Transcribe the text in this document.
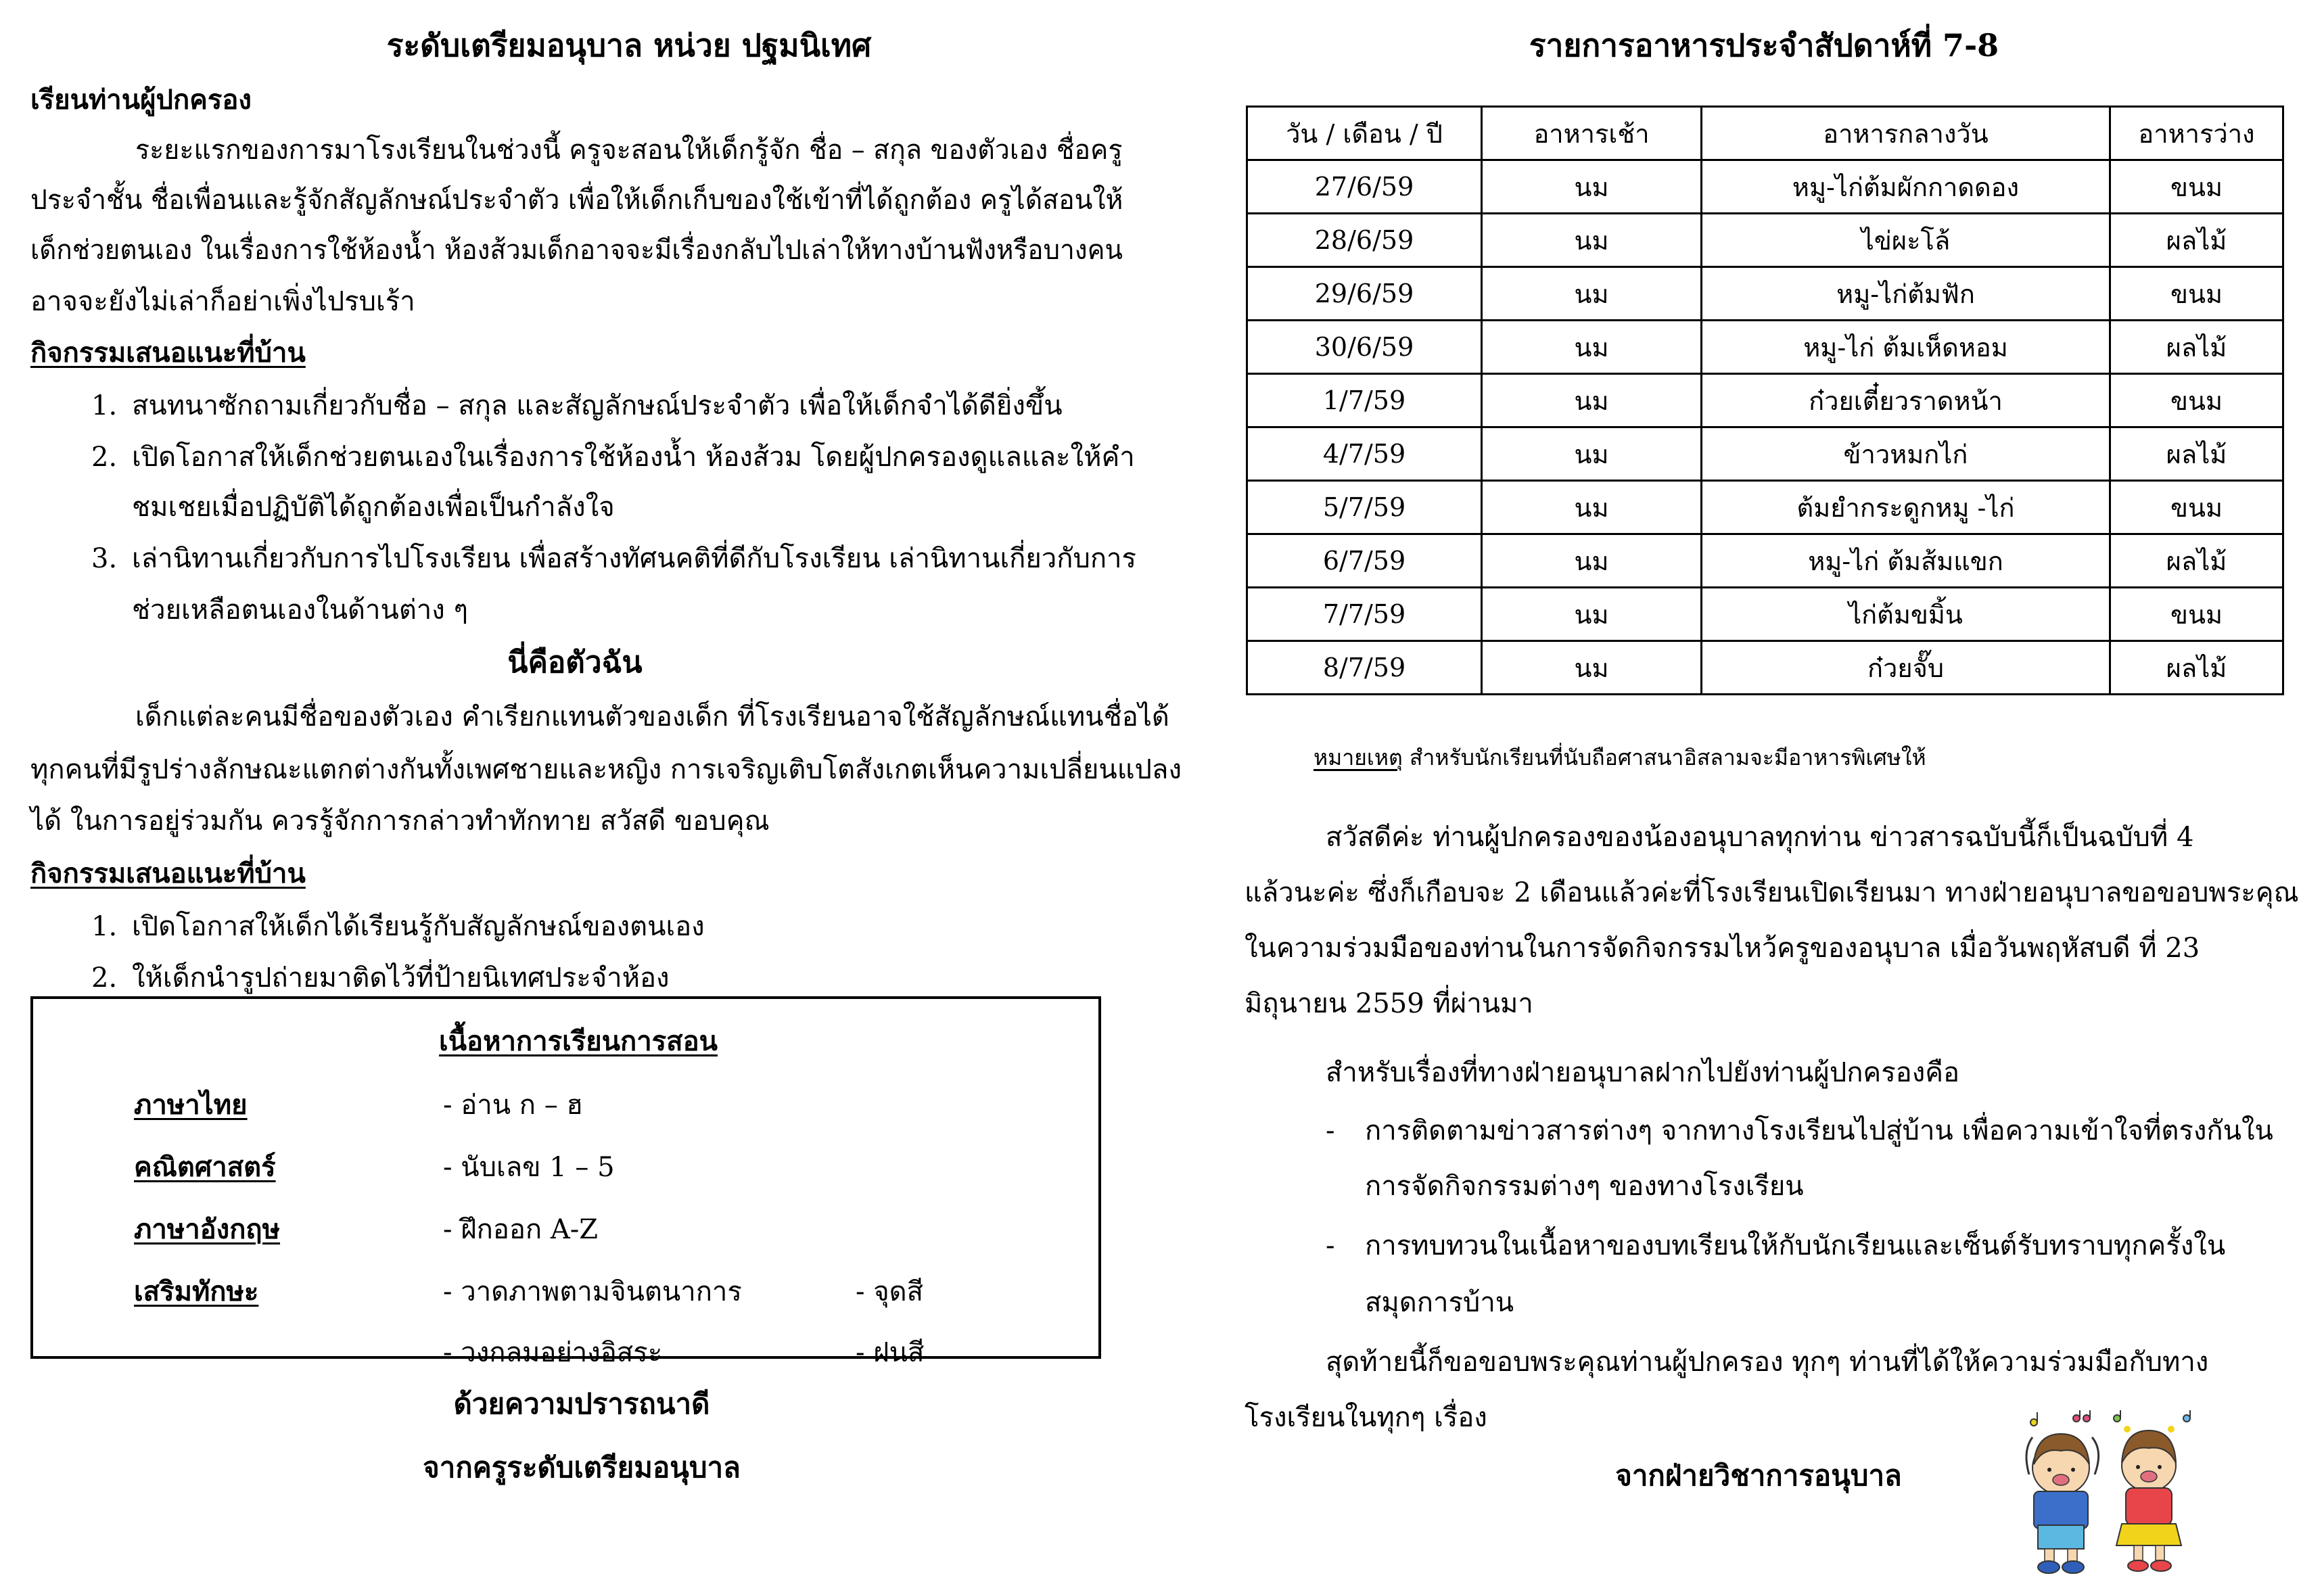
ระดับเตรียมอนุบาล หน่วย ปฐมนิเทศ
เรียนท่านผู้ปกครอง
ระยะแรกของการมาโรงเรียนในช่วงนี้ ครูจะสอนให้เด็กรู้จัก ชื่อ – สกุล ของตัวเอง ชื่อครู
ประจำชั้น ชื่อเพื่อนและรู้จักสัญลักษณ์ประจำตัว เพื่อให้เด็กเก็บของใช้เข้าที่ได้ถูกต้อง ครูได้สอนให้
เด็กช่วยตนเอง ในเรื่องการใช้ห้องน้ำ ห้องส้วมเด็กอาจจะมีเรื่องกลับไปเล่าให้ทางบ้านฟังหรือบางคน
อาจจะยังไม่เล่าก็อย่าเพิ่งไปรบเร้า
กิจกรรมเสนอแนะที่บ้าน
1. สนทนาซักถามเกี่ยวกับชื่อ – สกุล และสัญลักษณ์ประจำตัว เพื่อให้เด็กจำได้ดียิ่งขึ้น
2. เปิดโอกาสให้เด็กช่วยตนเองในเรื่องการใช้ห้องน้ำ ห้องส้วม โดยผู้ปกครองดูแลและให้คำ
ชมเชยเมื่อปฏิบัติได้ถูกต้องเพื่อเป็นกำลังใจ
3. เล่านิทานเกี่ยวกับการไปโรงเรียน เพื่อสร้างทัศนคติที่ดีกับโรงเรียน เล่านิทานเกี่ยวกับการ
ช่วยเหลือตนเองในด้านต่าง ๆ
นี่คือตัวฉัน
เด็กแต่ละคนมีชื่อของตัวเอง คำเรียกแทนตัวของเด็ก ที่โรงเรียนอาจใช้สัญลักษณ์แทนชื่อได้
ทุกคนที่มีรูปร่างลักษณะแตกต่างกันทั้งเพศชายและหญิง การเจริญเติบโตสังเกตเห็นความเปลี่ยนแปลง
ได้ ในการอยู่ร่วมกัน ควรรู้จักการกล่าวทำทักทาย สวัสดี ขอบคุณ
กิจกรรมเสนอแนะที่บ้าน
1. เปิดโอกาสให้เด็กได้เรียนรู้กับสัญลักษณ์ของตนเอง
2. ให้เด็กนำรูปถ่ายมาติดไว้ที่ป้ายนิเทศประจำห้อง
เนื้อหาการเรียนการสอน
ภาษาไทย	- อ่าน ก – ฮ
คณิตศาสตร์	- นับเลข 1 – 5
ภาษาอังกฤษ	- ฝึกออก A-Z
เสริมทักษะ	- วาดภาพตามจินตนาการ	- จุดสี
- วงกลมอย่างอิสระ	- ฝนสี
ด้วยความปรารถนาดี
จากครูระดับเตรียมอนุบาล
รายการอาหารประจำสัปดาห์ที่ 7-8
วัน / เดือน / ปี	อาหารเช้า	อาหารกลางวัน	อาหารว่าง
27/6/59	นม	หมู-ไก่ต้มผักกาดดอง	ขนม
28/6/59	นม	ไข่ผะโล้	ผลไม้
29/6/59	นม	หมู-ไก่ต้มฟัก	ขนม
30/6/59	นม	หมู-ไก่ ต้มเห็ดหอม	ผลไม้
1/7/59	นม	ก๋วยเตี๋ยวราดหน้า	ขนม
4/7/59	นม	ข้าวหมกไก่	ผลไม้
5/7/59	นม	ต้มยำกระดูกหมู -ไก่	ขนม
6/7/59	นม	หมู-ไก่ ต้มส้มแขก	ผลไม้
7/7/59	นม	ไก่ต้มขมิ้น	ขนม
8/7/59	นม	ก๋วยจั๊บ	ผลไม้
หมายเหตุ สำหรับนักเรียนที่นับถือศาสนาอิสลามจะมีอาหารพิเศษให้
สวัสดีค่ะ ท่านผู้ปกครองของน้องอนุบาลทุกท่าน ข่าวสารฉบับนี้ก็เป็นฉบับที่ 4
แล้วนะค่ะ ซึ่งก็เกือบจะ 2 เดือนแล้วค่ะที่โรงเรียนเปิดเรียนมา ทางฝ่ายอนุบาลขอขอบพระคุณ
ในความร่วมมือของท่านในการจัดกิจกรรมไหว้ครูของอนุบาล เมื่อวันพฤหัสบดี ที่ 23
มิถุนายน 2559 ที่ผ่านมา
สำหรับเรื่องที่ทางฝ่ายอนุบาลฝากไปยังท่านผู้ปกครองคือ
- การติดตามข่าวสารต่างๆ จากทางโรงเรียนไปสู่บ้าน เพื่อความเข้าใจที่ตรงกันใน
การจัดกิจกรรมต่างๆ ของทางโรงเรียน
- การทบทวนในเนื้อหาของบทเรียนให้กับนักเรียนและเซ็นต์รับทราบทุกครั้งใน
สมุดการบ้าน
สุดท้ายนี้ก็ขอขอบพระคุณท่านผู้ปกครอง ทุกๆ ท่านที่ได้ให้ความร่วมมือกับทาง
โรงเรียนในทุกๆ เรื่อง
จากฝ่ายวิชาการอนุบาล
